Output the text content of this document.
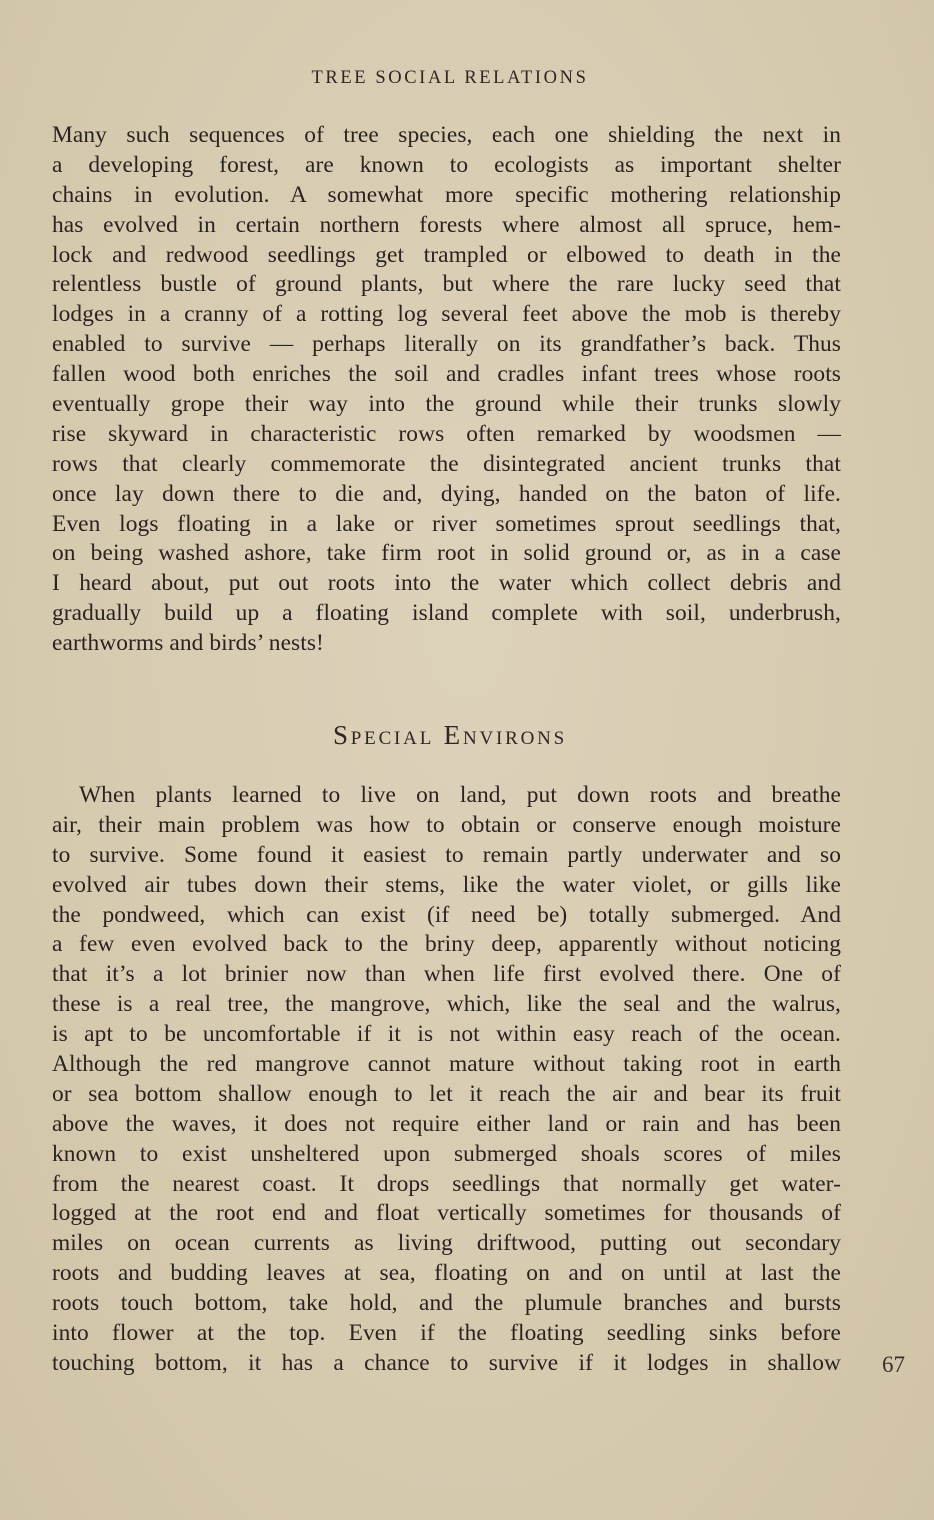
TREE SOCIAL RELATIONS
Many such sequences of tree species, each one shielding the next in
a developing forest, are known to ecologists as important shelter
chains in evolution. A somewhat more specific mothering relationship
has evolved in certain northern forests where almost all spruce, hem-
lock and redwood seedlings get trampled or elbowed to death in the
relentless bustle of ground plants, but where the rare lucky seed that
lodges in a cranny of a rotting log several feet above the mob is thereby
enabled to survive — perhaps literally on its grandfather’s back. Thus
fallen wood both enriches the soil and cradles infant trees whose roots
eventually grope their way into the ground while their trunks slowly
rise skyward in characteristic rows often remarked by woodsmen —
rows that clearly commemorate the disintegrated ancient trunks that
once lay down there to die and, dying, handed on the baton of life.
Even logs floating in a lake or river sometimes sprout seedlings that,
on being washed ashore, take firm root in solid ground or, as in a case
I heard about, put out roots into the water which collect debris and
gradually build up a floating island complete with soil, underbrush,
earthworms and birds’ nests!
Special Environs
When plants learned to live on land, put down roots and breathe
air, their main problem was how to obtain or conserve enough moisture
to survive. Some found it easiest to remain partly underwater and so
evolved air tubes down their stems, like the water violet, or gills like
the pondweed, which can exist (if need be) totally submerged. And
a few even evolved back to the briny deep, apparently without noticing
that it’s a lot brinier now than when life first evolved there. One of
these is a real tree, the mangrove, which, like the seal and the walrus,
is apt to be uncomfortable if it is not within easy reach of the ocean.
Although the red mangrove cannot mature without taking root in earth
or sea bottom shallow enough to let it reach the air and bear its fruit
above the waves, it does not require either land or rain and has been
known to exist unsheltered upon submerged shoals scores of miles
from the nearest coast. It drops seedlings that normally get water-
logged at the root end and float vertically sometimes for thousands of
miles on ocean currents as living driftwood, putting out secondary
roots and budding leaves at sea, floating on and on until at last the
roots touch bottom, take hold, and the plumule branches and bursts
into flower at the top. Even if the floating seedling sinks before
touching bottom, it has a chance to survive if it lodges in shallow 67
